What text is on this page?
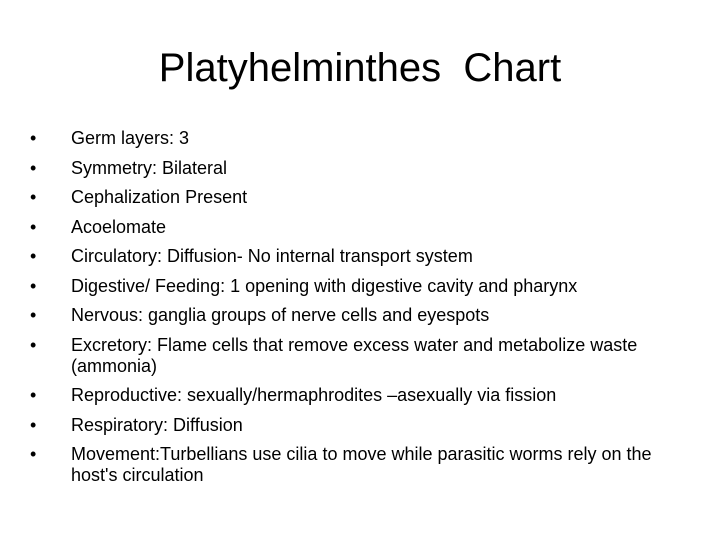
Platyhelminthes  Chart
•	Germ layers: 3
•	Symmetry: Bilateral
•	Cephalization Present
•	Acoelomate
•	Circulatory: Diffusion- No internal transport system
•	Digestive/ Feeding: 1 opening with digestive cavity and pharynx
•	Nervous: ganglia groups of nerve cells and eyespots
•	Excretory: Flame cells that remove excess water and metabolize waste (ammonia)
•	Reproductive: sexually/hermaphrodites –asexually via fission
•	Respiratory: Diffusion
•	Movement:Turbellians use cilia to move while parasitic worms rely on the host's circulation
